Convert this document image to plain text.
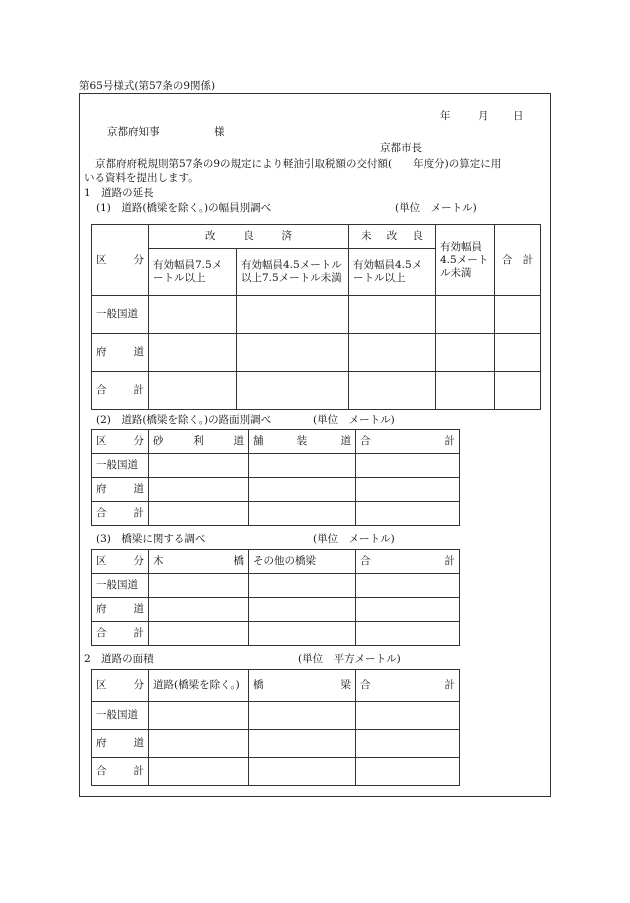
第65号様式(第57条の9関係)
年	月 日
京都府知事	様
京都市長
京都府府税規則第57条の9の規定により軽油引取税額の交付額(　　年度分)の算定に用
いる資料を提出します。
1　道路の延長
(1)　道路(橋梁を除く。)の幅員別調べ	(単位　メートル)
区 分	改 良 済		未 改 良	有効幅員4.5メートル未満	合　計
	有効幅員7.5メートル以上	有効幅員4.5メートル以上7.5メートル未満	有効幅員4.5メートル以上		
一般国道					

府 道					

合 計					

(2)　道路(橋梁を除く。)の路面別調べ	(単位　メートル)
区 分	砂 利 道	舗 装 道	合 計

一般国道			

府 道			

合 計			

(3)　橋梁に関する調べ	(単位　メートル)
区 分	木 橋	その他の橋梁	合 計

一般国道			

府 道			

合 計			

2　道路の面積	(単位　平方メートル)
区 分	道路(橋梁を除く。)	橋 梁	合 計

一般国道			

府 道			

合 計			
